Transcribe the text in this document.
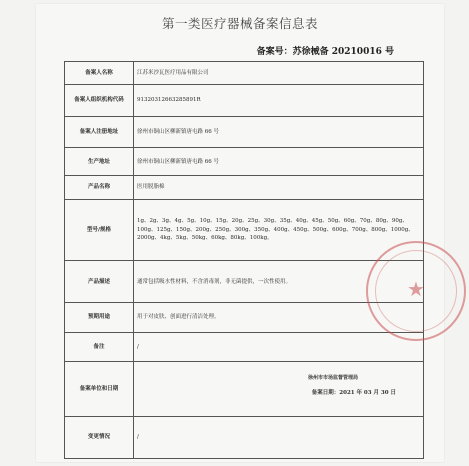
第一类医疗器械备案信息表
备案号：苏徐械备 20210016 号
备案人名称	江苏米沙瓦医疗用品有限公司
备案人组织机构代码	91320312663285891R
备案人注册地址	徐州市铜山区柳新镇唐屯路 66 号
生产地址	徐州市铜山区柳新镇唐屯路 66 号
产品名称	医用脱脂棉
型号/规格	1g、2g、3g、4g、5g、10g、15g、20g、25g、30g、35g、40g、45g、50g、60g、70g、80g、90g、100g、125g、150g、200g、250g、300g、350g、400g、450g、500g、600g、700g、800g、1000g、2000g、4kg、5kg、50kg、60kg、80kg、100kg。
产品描述	通常包括吸水性材料，不含消毒剂，非无菌提供，一次性使用。
预期用途	用于对皮肤、创面进行清洁处理。
备注	/
备案单位和日期	徐州市市场监督管理局
备案日期：2021 年 03 月 30 日

变更情况	/
★
